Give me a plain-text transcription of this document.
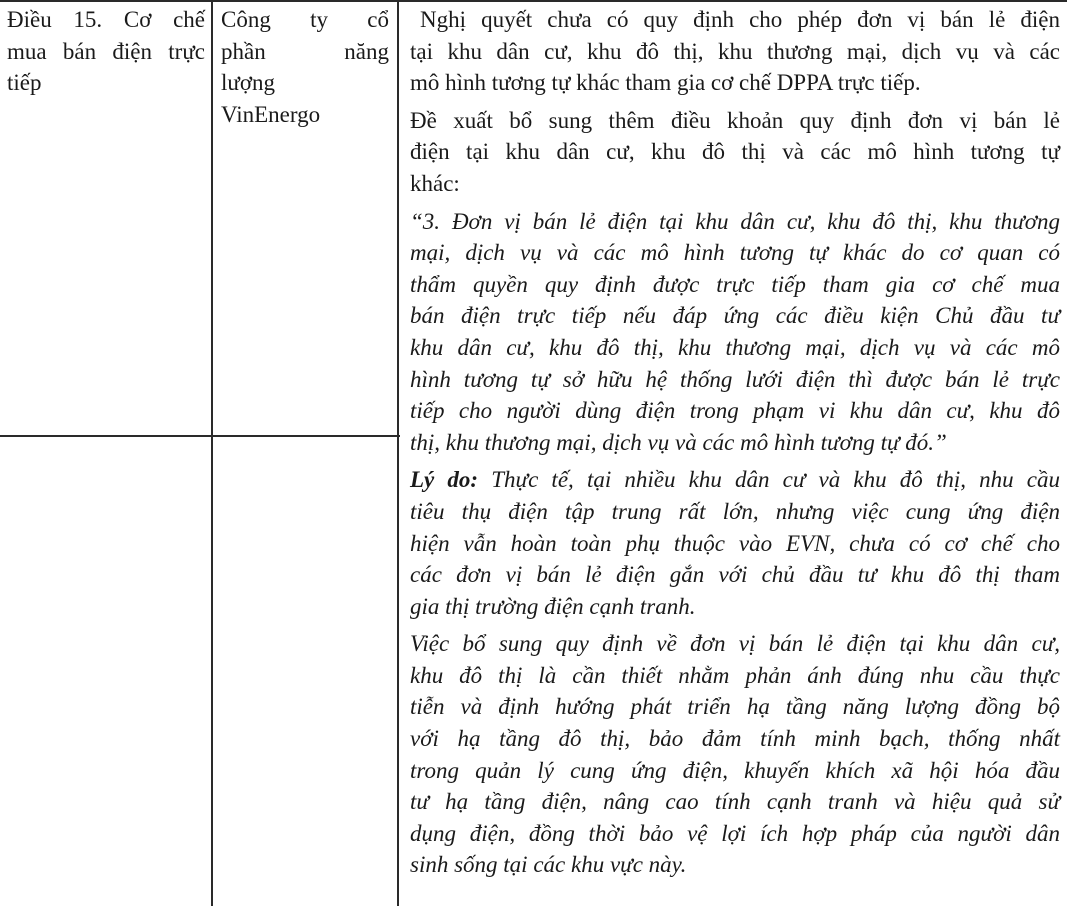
Điều 15. Cơ chế
mua bán điện trực
tiếp
Công ty cổ
phần năng
lượng
VinEnergo
Nghị quyết chưa có quy định cho phép đơn vị bán lẻ điện
tại khu dân cư, khu đô thị, khu thương mại, dịch vụ và các
mô hình tương tự khác tham gia cơ chế DPPA trực tiếp.
Đề xuất bổ sung thêm điều khoản quy định đơn vị bán lẻ
điện tại khu dân cư, khu đô thị và các mô hình tương tự
khác:
“3. Đơn vị bán lẻ điện tại khu dân cư, khu đô thị, khu thương
mại, dịch vụ và các mô hình tương tự khác do cơ quan có
thẩm quyền quy định được trực tiếp tham gia cơ chế mua
bán điện trực tiếp nếu đáp ứng các điều kiện Chủ đầu tư
khu dân cư, khu đô thị, khu thương mại, dịch vụ và các mô
hình tương tự sở hữu hệ thống lưới điện thì được bán lẻ trực
tiếp cho người dùng điện trong phạm vi khu dân cư, khu đô
thị, khu thương mại, dịch vụ và các mô hình tương tự đó.”
Lý do: Thực tế, tại nhiều khu dân cư và khu đô thị, nhu cầu
tiêu thụ điện tập trung rất lớn, nhưng việc cung ứng điện
hiện vẫn hoàn toàn phụ thuộc vào EVN, chưa có cơ chế cho
các đơn vị bán lẻ điện gắn với chủ đầu tư khu đô thị tham
gia thị trường điện cạnh tranh.
Việc bổ sung quy định về đơn vị bán lẻ điện tại khu dân cư,
khu đô thị là cần thiết nhằm phản ánh đúng nhu cầu thực
tiễn và định hướng phát triển hạ tầng năng lượng đồng bộ
với hạ tầng đô thị, bảo đảm tính minh bạch, thống nhất
trong quản lý cung ứng điện, khuyến khích xã hội hóa đầu
tư hạ tầng điện, nâng cao tính cạnh tranh và hiệu quả sử
dụng điện, đồng thời bảo vệ lợi ích hợp pháp của người dân
sinh sống tại các khu vực này.
